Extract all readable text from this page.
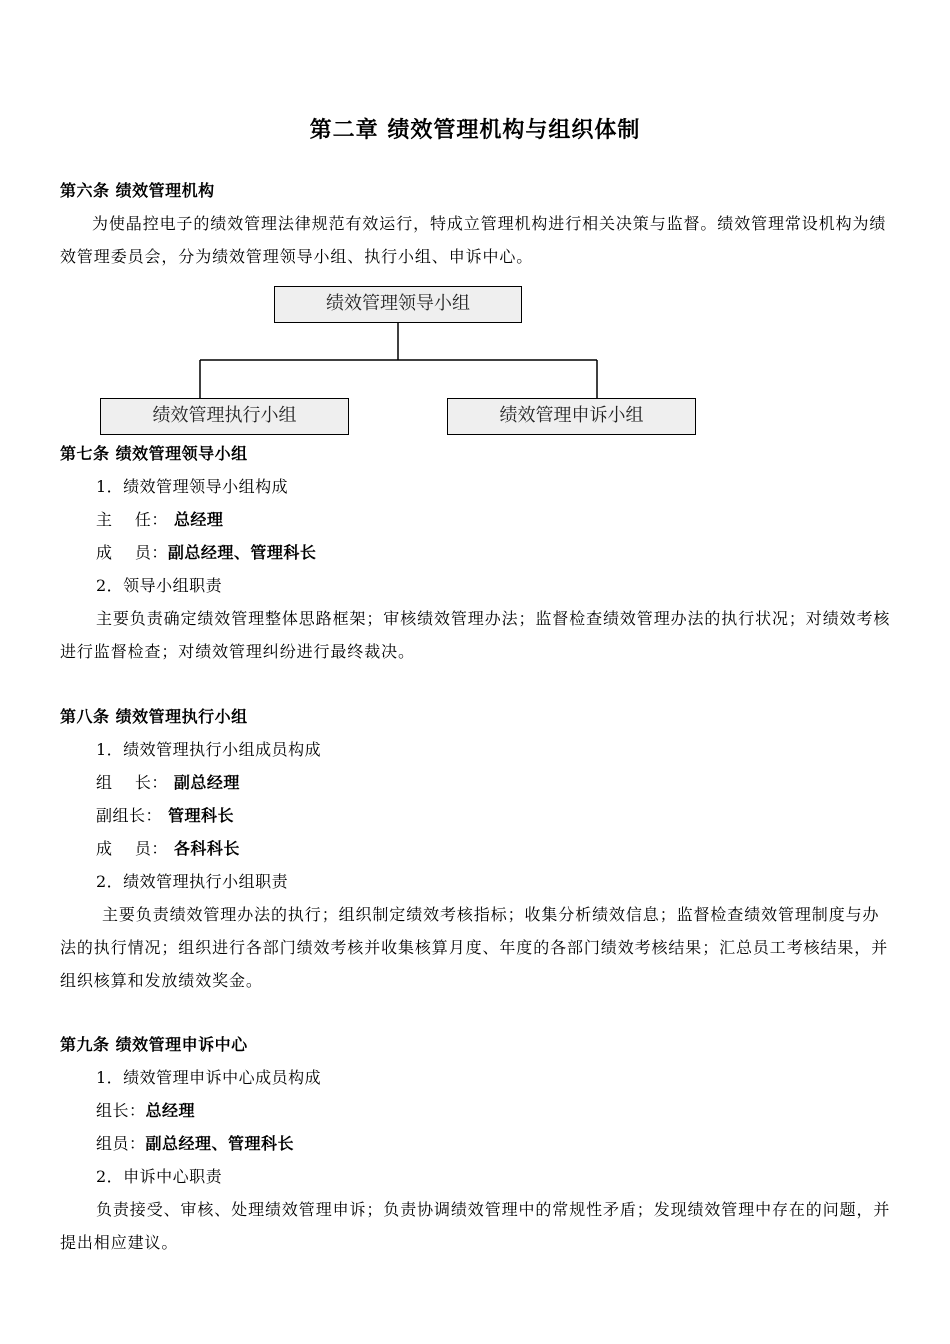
第二章 绩效管理机构与组织体制
第六条 绩效管理机构
为使晶控电子的绩效管理法律规范有效运行，特成立管理机构进行相关决策与监督。绩效管理常设机构为绩效管理委员会，分为绩效管理领导小组、执行小组、申诉中心。
绩效管理领导小组
绩效管理执行小组	绩效管理申诉小组
第七条 绩效管理领导小组
1．绩效管理领导小组构成
主    任： 总经理
成    员：副总经理、管理科长
2．领导小组职责
主要负责确定绩效管理整体思路框架；审核绩效管理办法；监督检查绩效管理办法的执行状况；对绩效考核进行监督检查；对绩效管理纠纷进行最终裁决。
第八条 绩效管理执行小组
1．绩效管理执行小组成员构成
组    长： 副总经理
副组长： 管理科长
成    员： 各科科长
2．绩效管理执行小组职责
主要负责绩效管理办法的执行；组织制定绩效考核指标；收集分析绩效信息；监督检查绩效管理制度与办法的执行情况；组织进行各部门绩效考核并收集核算月度、年度的各部门绩效考核结果；汇总员工考核结果，并组织核算和发放绩效奖金。
第九条 绩效管理申诉中心
1．绩效管理申诉中心成员构成
组长：总经理
组员：副总经理、管理科长
2．申诉中心职责
负责接受、审核、处理绩效管理申诉；负责协调绩效管理中的常规性矛盾；发现绩效管理中存在的问题，并提出相应建议。
